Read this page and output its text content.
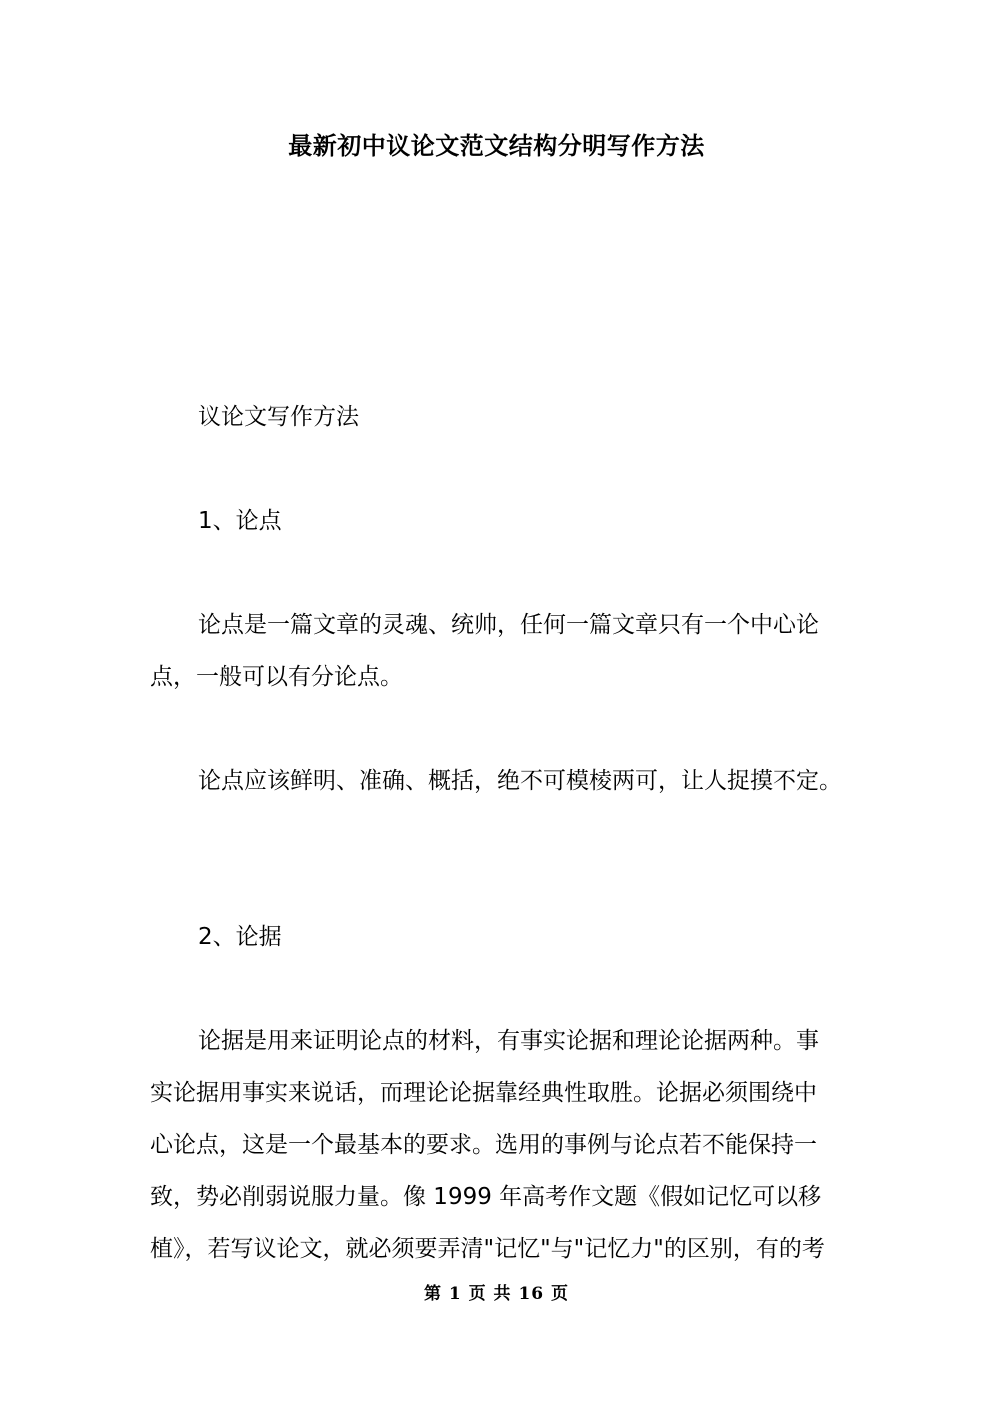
最新初中议论文范文结构分明写作方法
议论文写作方法
1、论点
论点是一篇文章的灵魂、统帅，任何一篇文章只有一个中心论
点，一般可以有分论点。
论点应该鲜明、准确、概括，绝不可模棱两可，让人捉摸不定。
2、论据
论据是用来证明论点的材料，有事实论据和理论论据两种。事
实论据用事实来说话，而理论论据靠经典性取胜。论据必须围绕中
心论点，这是一个最基本的要求。选用的事例与论点若不能保持一
致，势必削弱说服力量。像 1999 年高考作文题《假如记忆可以移
植》，若写议论文，就必须要弄清"记忆"与"记忆力"的区别，有的考
第 1 页 共 16 页
